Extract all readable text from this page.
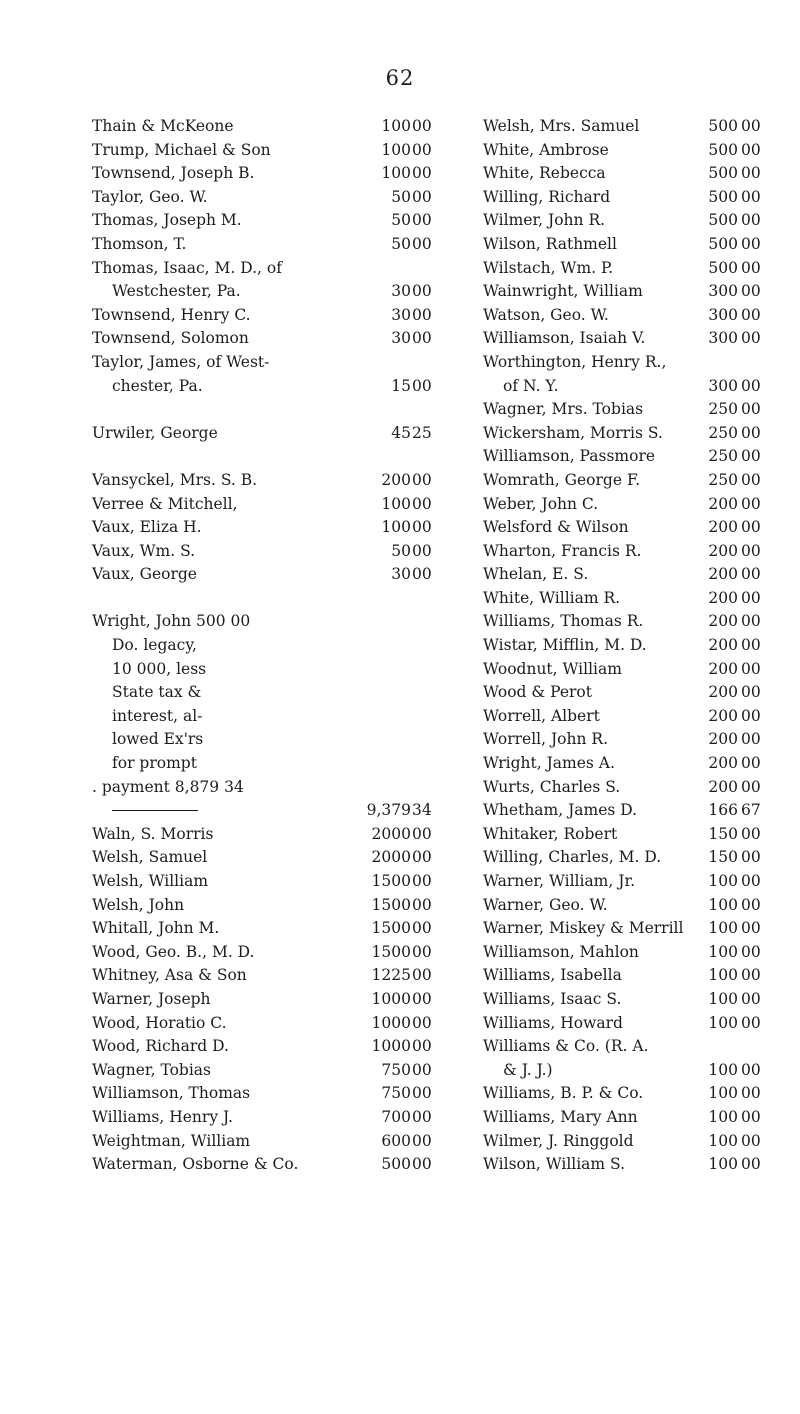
62
Thain & McKeone	100 00
Trump, Michael & Son	100 00
Townsend, Joseph B.	100 00
Taylor, Geo. W.	50 00
Thomas, Joseph M.	50 00
Thomson, T.	50 00
Thomas, Isaac, M. D., of
Westchester, Pa.	30 00
Townsend, Henry C.	30 00
Townsend, Solomon	30 00
Taylor, James, of West-
chester, Pa.	15 00
Urwiler, George	45 25
Vansyckel, Mrs. S. B.	200 00
Verree & Mitchell,	100 00
Vaux, Eliza H.	100 00
Vaux, Wm. S.	50 00
Vaux, George	30 00
Wright, John 500 00
Do. legacy,
10 000, less
State tax &
interest, al-
lowed Ex'rs
for prompt
. payment 8,879 34
9,379 34
Waln, S. Morris	2000 00
Welsh, Samuel	2000 00
Welsh, William	1500 00
Welsh, John	1500 00
Whitall, John M.	1500 00
Wood, Geo. B., M. D.	1500 00
Whitney, Asa & Son	1225 00
Warner, Joseph	1000 00
Wood, Horatio C.	1000 00
Wood, Richard D.	1000 00
Wagner, Tobias	750 00
Williamson, Thomas	750 00
Williams, Henry J.	700 00
Weightman, William	600 00
Waterman, Osborne & Co.	500 00
Welsh, Mrs. Samuel	500 00
White, Ambrose	500 00
White, Rebecca	500 00
Willing, Richard	500 00
Wilmer, John R.	500 00
Wilson, Rathmell	500 00
Wilstach, Wm. P.	500 00
Wainwright, William	300 00
Watson, Geo. W.	300 00
Williamson, Isaiah V.	300 00
Worthington, Henry R.,
of N. Y.	300 00
Wagner, Mrs. Tobias	250 00
Wickersham, Morris S.	250 00
Williamson, Passmore	250 00
Womrath, George F.	250 00
Weber, John C.	200 00
Welsford & Wilson	200 00
Wharton, Francis R.	200 00
Whelan, E. S.	200 00
White, William R.	200 00
Williams, Thomas R.	200 00
Wistar, Mifflin, M. D.	200 00
Woodnut, William	200 00
Wood & Perot	200 00
Worrell, Albert	200 00
Worrell, John R.	200 00
Wright, James A.	200 00
Wurts, Charles S.	200 00
Whetham, James D.	166 67
Whitaker, Robert	150 00
Willing, Charles, M. D.	150 00
Warner, William, Jr.	100 00
Warner, Geo. W.	100 00
Warner, Miskey & Merrill	100 00
Williamson, Mahlon	100 00
Williams, Isabella	100 00
Williams, Isaac S.	100 00
Williams, Howard	100 00
Williams & Co. (R. A.
& J. J.)	100 00
Williams, B. P. & Co.	100 00
Williams, Mary Ann	100 00
Wilmer, J. Ringgold	100 00
Wilson, William S.	100 00
